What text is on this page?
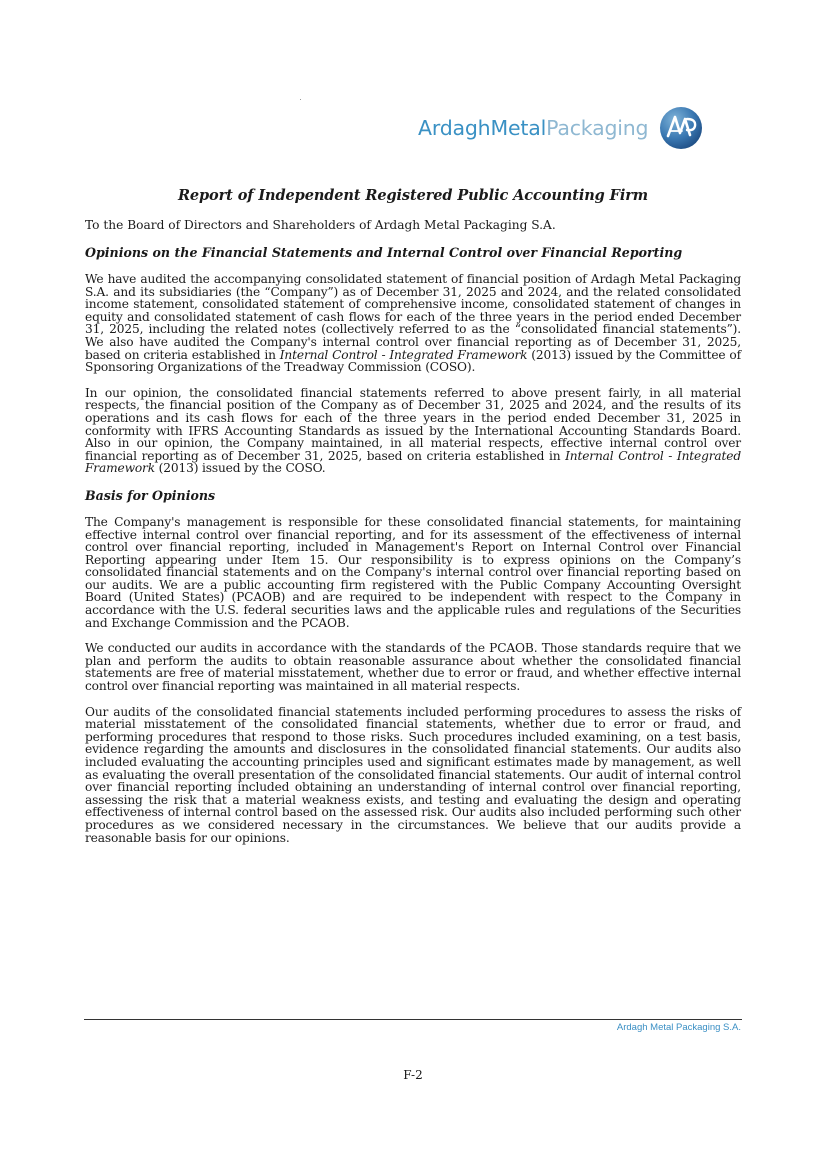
ArdaghMetalPackaging
Report of Independent Registered Public Accounting Firm
To the Board of Directors and Shareholders of Ardagh Metal Packaging S.A.
Opinions on the Financial Statements and Internal Control over Financial Reporting

We have audited the accompanying consolidated statement of financial position of Ardagh Metal Packaging S.A. and its subsidiaries (the “Company”) as of December 31, 2025 and 2024, and the related consolidated income statement, consolidated statement of comprehensive income, consolidated statement of changes in equity and consolidated statement of cash flows for each of the three years in the period ended December 31, 2025, including the related notes (collectively referred to as the “consolidated financial statements”). We also have audited the Company's internal control over financial reporting as of December 31, 2025, based on criteria established in Internal Control - Integrated Framework (2013) issued by the Committee of Sponsoring Organizations of the Treadway Commission (COSO).

In our opinion, the consolidated financial statements referred to above present fairly, in all material respects, the financial position of the Company as of December 31, 2025 and 2024, and the results of its operations and its cash flows for each of the three years in the period ended December 31, 2025 in conformity with IFRS Accounting Standards as issued by the International Accounting Standards Board. Also in our opinion, the Company maintained, in all material respects, effective internal control over financial reporting as of December 31, 2025, based on criteria established in Internal Control - Integrated Framework (2013) issued by the COSO.

Basis for Opinions

The Company's management is responsible for these consolidated financial statements, for maintaining effective internal control over financial reporting, and for its assessment of the effectiveness of internal control over financial reporting, included in Management's Report on Internal Control over Financial Reporting appearing under Item 15. Our responsibility is to express opinions on the Company’s consolidated financial statements and on the Company's internal control over financial reporting based on our audits. We are a public accounting firm registered with the Public Company Accounting Oversight Board (United States) (PCAOB) and are required to be independent with respect to the Company in accordance with the U.S. federal securities laws and the applicable rules and regulations of the Securities and Exchange Commission and the PCAOB.

We conducted our audits in accordance with the standards of the PCAOB. Those standards require that we plan and perform the audits to obtain reasonable assurance about whether the consolidated financial statements are free of material misstatement, whether due to error or fraud, and whether effective internal control over financial reporting was maintained in all material respects.

Our audits of the consolidated financial statements included performing procedures to assess the risks of material misstatement of the consolidated financial statements, whether due to error or fraud, and performing procedures that respond to those risks. Such procedures included examining, on a test basis, evidence regarding the amounts and disclosures in the consolidated financial statements. Our audits also included evaluating the accounting principles used and significant estimates made by management, as well as evaluating the overall presentation of the consolidated financial statements. Our audit of internal control over financial reporting included obtaining an understanding of internal control over financial reporting, assessing the risk that a material weakness exists, and testing and evaluating the design and operating effectiveness of internal control based on the assessed risk. Our audits also included performing such other procedures as we considered necessary in the circumstances. We believe that our audits provide a reasonable basis for our opinions.

Ardagh Metal Packaging S.A.
F-2
